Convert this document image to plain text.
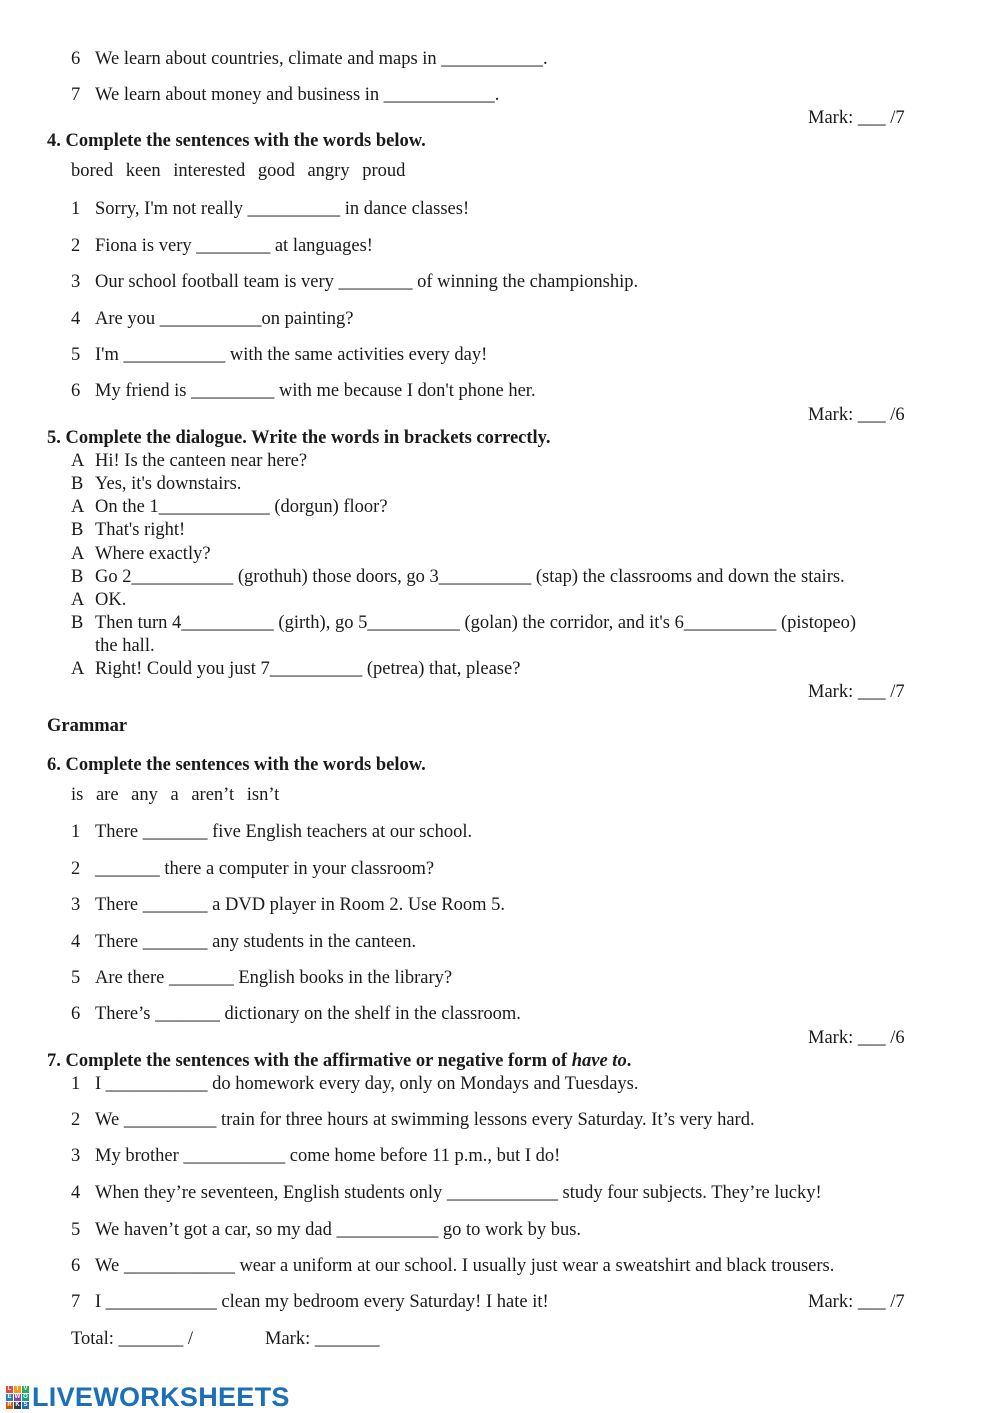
6 We learn about countries, climate and maps in ___________.
7 We learn about money and business in ____________.
Mark: ___ /7
4. Complete the sentences with the words below.
bored keen interested good angry proud
1 Sorry, I'm not really __________ in dance classes!
2 Fiona is very ________ at languages!
3 Our school football team is very ________ of winning the championship.
4 Are you ___________on painting?
5 I'm ___________ with the same activities every day!
6 My friend is _________ with me because I don't phone her.
Mark: ___ /6
5. Complete the dialogue. Write the words in brackets correctly.
A Hi! Is the canteen near here?
B Yes, it's downstairs.
A On the 1____________ (dorgun) floor?
B That's right!
A Where exactly?
B Go 2___________ (grothuh) those doors, go 3__________ (stap) the classrooms and down the stairs.
A OK.
B Then turn 4__________ (girth), go 5__________ (golan) the corridor, and it's 6__________ (pistopeo)
the hall.
A Right! Could you just 7__________ (petrea) that, please?
Mark: ___ /7
Grammar
6. Complete the sentences with the words below.
is are any a aren’t isn’t
1 There _______ five English teachers at our school.
2 _______ there a computer in your classroom?
3 There _______ a DVD player in Room 2. Use Room 5.
4 There _______ any students in the canteen.
5 Are there _______ English books in the library?
6 There’s _______ dictionary on the shelf in the classroom.
Mark: ___ /6
7. Complete the sentences with the affirmative or negative form of have to.
1 I ___________ do homework every day, only on Mondays and Tuesdays.
2 We __________ train for three hours at swimming lessons every Saturday. It’s very hard.
3 My brother ___________ come home before 11 p.m., but I do!
4 When they’re seventeen, English students only ____________ study four subjects. They’re lucky!
5 We haven’t got a car, so my dad ___________ go to work by bus.
6 We ____________ wear a uniform at our school. I usually just wear a sweatshirt and black trousers.
7 I ____________ clean my bedroom every Saturday! I hate it!	Mark: ___ /7
Total: _______ /	Mark: _______
L I V
E W O
R K S LIVEWORKSHEETS
